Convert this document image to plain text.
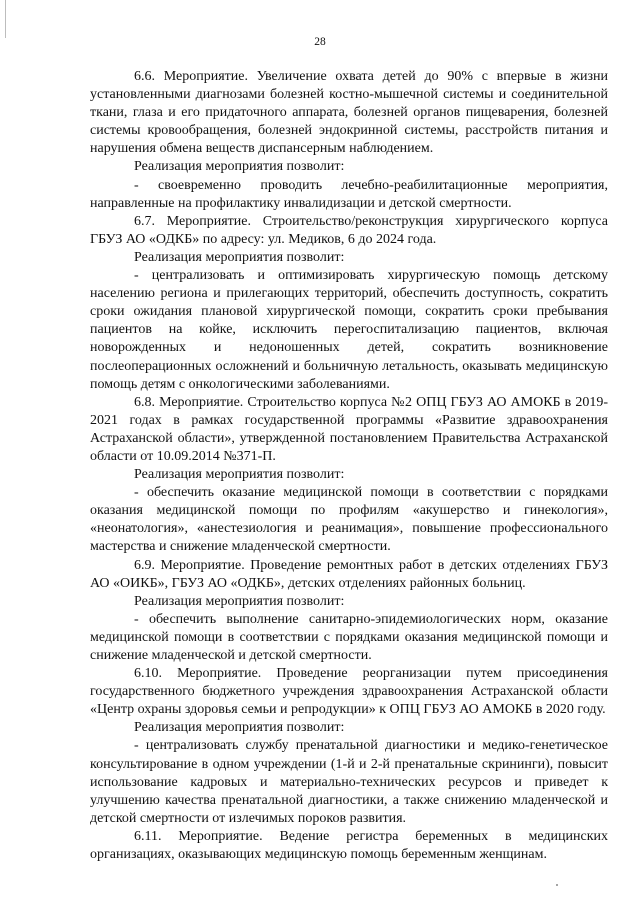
28

6.6. Мероприятие. Увеличение охвата детей до 90% с впервые в жизни установленными диагнозами болезней костно-мышечной системы и соединительной ткани, глаза и его придаточного аппарата, болезней органов пищеварения, болезней системы кровообращения, болезней эндокринной системы, расстройств питания и нарушения обмена веществ диспансерным наблюдением.

Реализация мероприятия позволит:

- своевременно проводить лечебно-реабилитационные мероприятия, направленные на профилактику инвалидизации и детской смертности.

6.7. Мероприятие. Строительство/реконструкция хирургического корпуса ГБУЗ АО «ОДКБ» по адресу: ул. Медиков, 6 до 2024 года.

Реализация мероприятия позволит:

- централизовать и оптимизировать хирургическую помощь детскому населению региона и прилегающих территорий, обеспечить доступность, сократить сроки ожидания плановой хирургической помощи, сократить сроки пребывания пациентов на койке, исключить перегоспитализацию пациентов, включая новорожденных и недоношенных детей, сократить возникновение послеоперационных осложнений и больничную летальность, оказывать медицинскую помощь детям с онкологическими заболеваниями.

6.8. Мероприятие. Строительство корпуса №2 ОПЦ ГБУЗ АО АМОКБ в 2019-2021 годах в рамках государственной программы «Развитие здравоохранения Астраханской области», утвержденной постановлением Правительства Астраханской области от 10.09.2014 №371-П.

Реализация мероприятия позволит:

- обеспечить оказание медицинской помощи в соответствии с порядками оказания медицинской помощи по профилям «акушерство и гинекология», «неонатология», «анестезиология и реанимация», повышение профессионального мастерства и снижение младенческой смертности.

6.9. Мероприятие. Проведение ремонтных работ в детских отделениях ГБУЗ АО «ОИКБ», ГБУЗ АО «ОДКБ», детских отделениях районных больниц.

Реализация мероприятия позволит:

- обеспечить выполнение санитарно-эпидемиологических норм, оказание медицинской помощи в соответствии с порядками оказания медицинской помощи и снижение младенческой и детской смертности.

6.10. Мероприятие. Проведение реорганизации путем присоединения государственного бюджетного учреждения здравоохранения Астраханской области «Центр охраны здоровья семьи и репродукции» к ОПЦ ГБУЗ АО АМОКБ в 2020 году.

Реализация мероприятия позволит:

- централизовать службу пренатальной диагностики и медико-генетическое консультирование в одном учреждении (1-й и 2-й пренатальные скрининги), повысит использование кадровых и материально-технических ресурсов и приведет к улучшению качества пренатальной диагностики, а также снижению младенческой и детской смертности от излечимых пороков развития.

6.11. Мероприятие. Ведение регистра беременных в медицинских организациях, оказывающих медицинскую помощь беременным женщинам.
